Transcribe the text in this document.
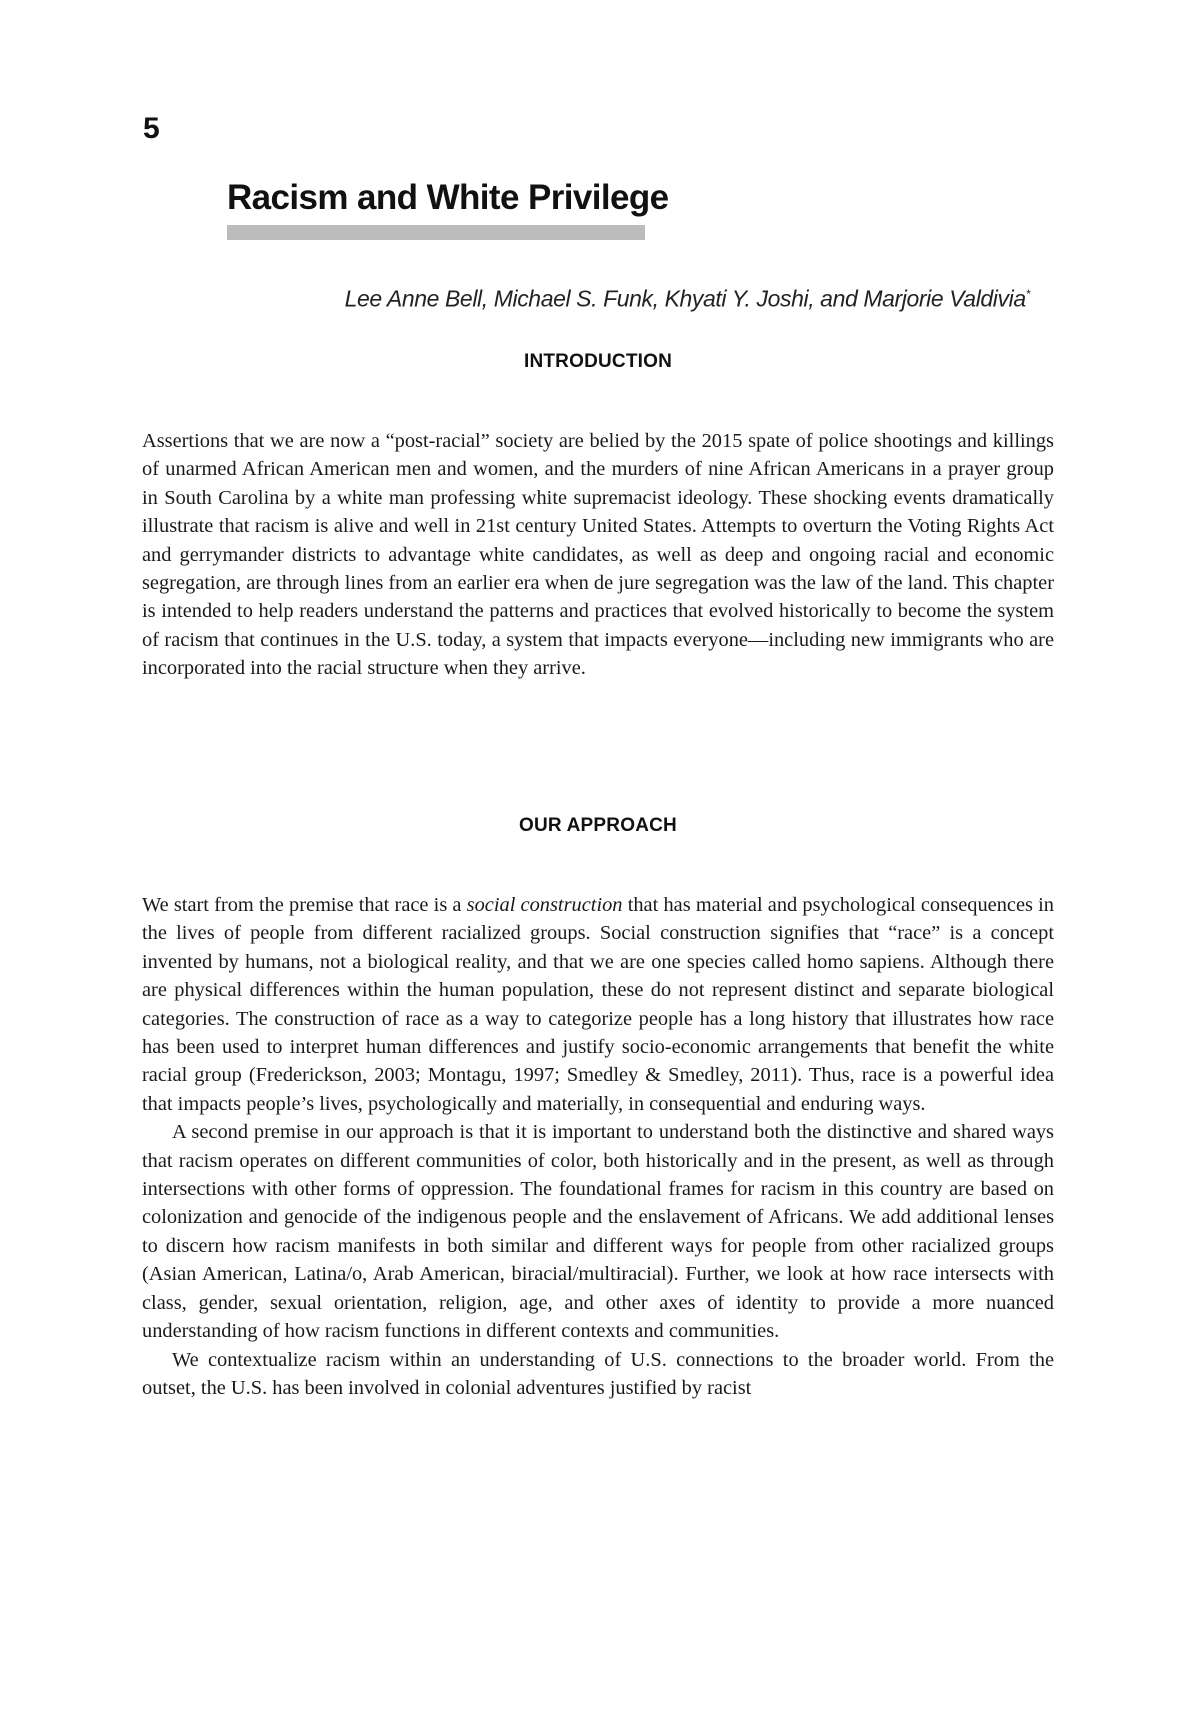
5
Racism and White Privilege
Lee Anne Bell, Michael S. Funk, Khyati Y. Joshi, and Marjorie Valdivia*
INTRODUCTION

Assertions that we are now a “post-racial” society are belied by the 2015 spate of police shootings and killings of unarmed African American men and women, and the murders of nine African Americans in a prayer group in South Carolina by a white man professing white supremacist ideology. These shocking events dramatically illustrate that racism is alive and well in 21st century United States. Attempts to overturn the Voting Rights Act and gerrymander districts to advantage white candidates, as well as deep and ongoing racial and economic segregation, are through lines from an earlier era when de jure segregation was the law of the land. This chapter is intended to help readers understand the patterns and practices that evolved historically to become the system of racism that continues in the U.S. today, a system that impacts everyone—including new immigrants who are incorporated into the racial structure when they arrive.

OUR APPROACH

We start from the premise that race is a social construction that has material and psychological consequences in the lives of people from different racialized groups. Social construction signifies that “race” is a concept invented by humans, not a biological reality, and that we are one species called homo sapiens. Although there are physical differences within the human population, these do not represent distinct and separate biological categories. The construction of race as a way to categorize people has a long history that illustrates how race has been used to interpret human differences and justify socio-economic arrangements that benefit the white racial group (Frederickson, 2003; Montagu, 1997; Smedley & Smedley, 2011). Thus, race is a powerful idea that impacts people’s lives, psychologically and materially, in consequential and enduring ways.

A second premise in our approach is that it is important to understand both the distinctive and shared ways that racism operates on different communities of color, both historically and in the present, as well as through intersections with other forms of oppression. The foundational frames for racism in this country are based on colonization and genocide of the indigenous people and the enslavement of Africans. We add additional lenses to discern how racism manifests in both similar and different ways for people from other racialized groups (Asian American, Latina/o, Arab American, biracial/multiracial). Further, we look at how race intersects with class, gender, sexual orientation, religion, age, and other axes of identity to provide a more nuanced understanding of how racism functions in different contexts and communities.

We contextualize racism within an understanding of U.S. connections to the broader world. From the outset, the U.S. has been involved in colonial adventures justified by racist
